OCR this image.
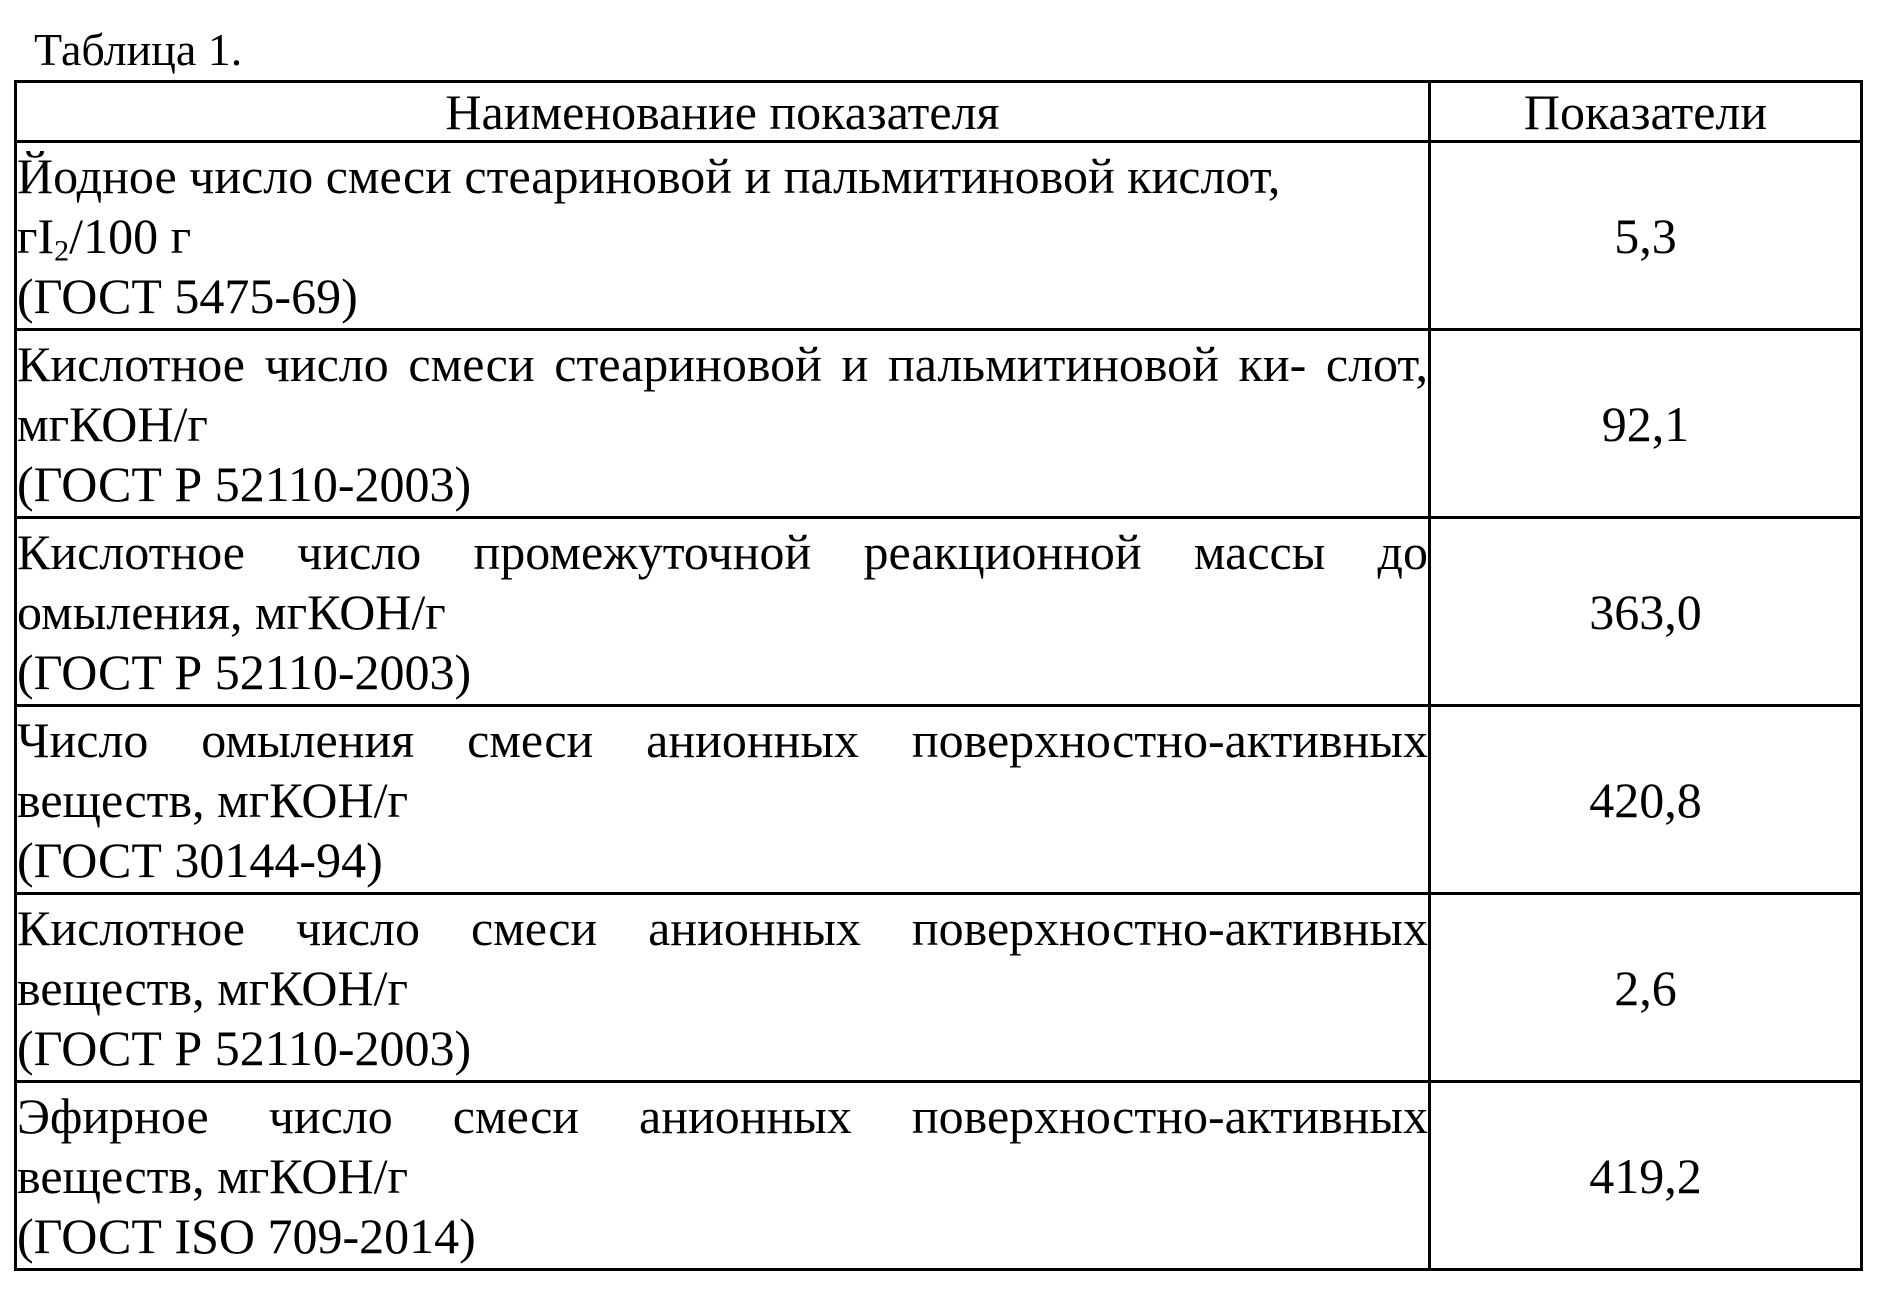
Таблица 1.
Наименование показателя	Показатели
Йодное число смеси стеариновой и пальмитиновой кислот,
$гI_2/100$ г
(ГОСТ 5475-69)	5,3

Кислотное число смеси стеариновой и пальмитиновой ки- слот, мгКОН/г
(ГОСТ Р 52110-2003)	92,1

Кислотное число промежуточной реакционной массы до омыления, мгКОН/г
(ГОСТ Р 52110-2003)	363,0

Число омыления смеси анионных поверхностно-активных веществ, мгКОН/г
(ГОСТ 30144-94)	420,8

Кислотное число смеси анионных поверхностно-активных веществ, мгКОН/г
(ГОСТ Р 52110-2003)	2,6

Эфирное число смеси анионных поверхностно-активных веществ, мгКОН/г
(ГОСТ ISO 709-2014)	419,2
